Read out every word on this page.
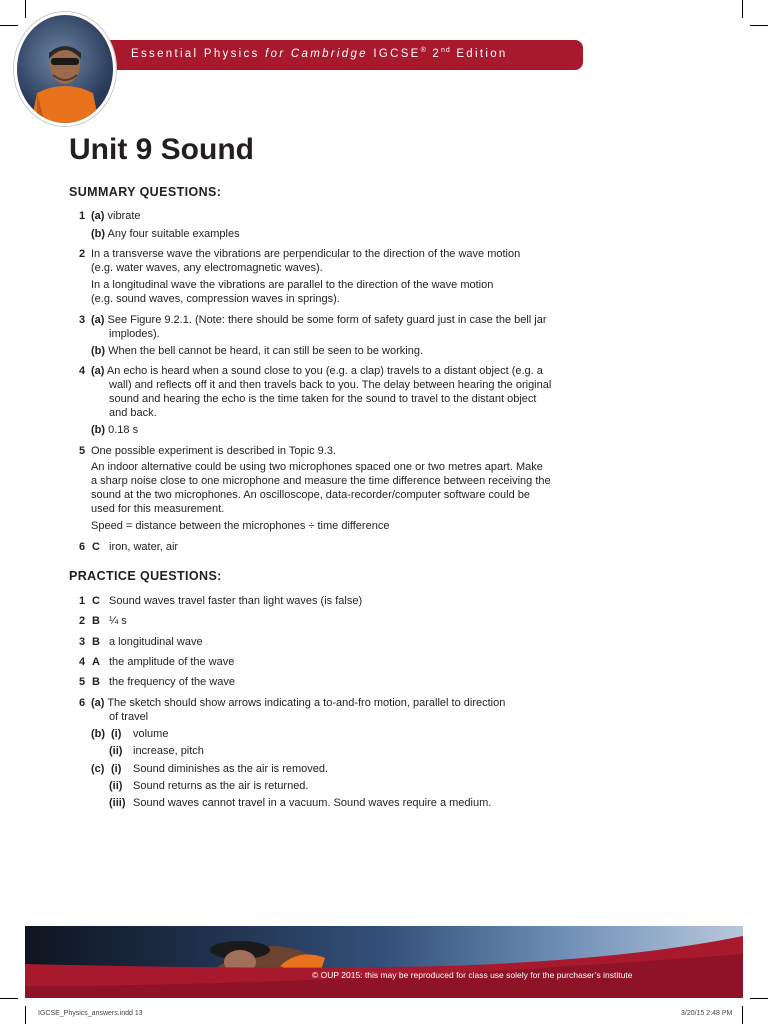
Essential Physics for Cambridge IGCSE® 2nd Edition
Unit 9 Sound
SUMMARY QUESTIONS:
1 (a) vibrate
(b) Any four suitable examples
2 In a transverse wave the vibrations are perpendicular to the direction of the wave motion
(e.g. water waves, any electromagnetic waves).
In a longitudinal wave the vibrations are parallel to the direction of the wave motion
(e.g. sound waves, compression waves in springs).
3 (a) See Figure 9.2.1. (Note: there should be some form of safety guard just in case the bell jar
implodes).
(b) When the bell cannot be heard, it can still be seen to be working.
4 (a) An echo is heard when a sound close to you (e.g. a clap) travels to a distant object (e.g. a
wall) and reflects off it and then travels back to you. The delay between hearing the original
sound and hearing the echo is the time taken for the sound to travel to the distant object
and back.
(b) 0.18 s
5 One possible experiment is described in Topic 9.3.
An indoor alternative could be using two microphones spaced one or two metres apart. Make
a sharp noise close to one microphone and measure the time difference between receiving the
sound at the two microphones. An oscilloscope, data-recorder/computer software could be
used for this measurement.
Speed = distance between the microphones ÷ time difference
6 C iron, water, air
PRACTICE QUESTIONS:
1 C Sound waves travel faster than light waves (is false)
2 B ¼ s
3 B a longitudinal wave
4 A the amplitude of the wave
5 B the frequency of the wave
6 (a) The sketch should show arrows indicating a to-and-fro motion, parallel to direction
of travel
(b) (i) volume
(ii) increase, pitch
(c) (i) Sound diminishes as the air is removed.
(ii) Sound returns as the air is returned.
(iii) Sound waves cannot travel in a vacuum. Sound waves require a medium.
© OUP 2015: this may be reproduced for class use solely for the purchaser’s institute
IGCSE_Physics_answers.indd 13	3/20/15 2:48 PM
